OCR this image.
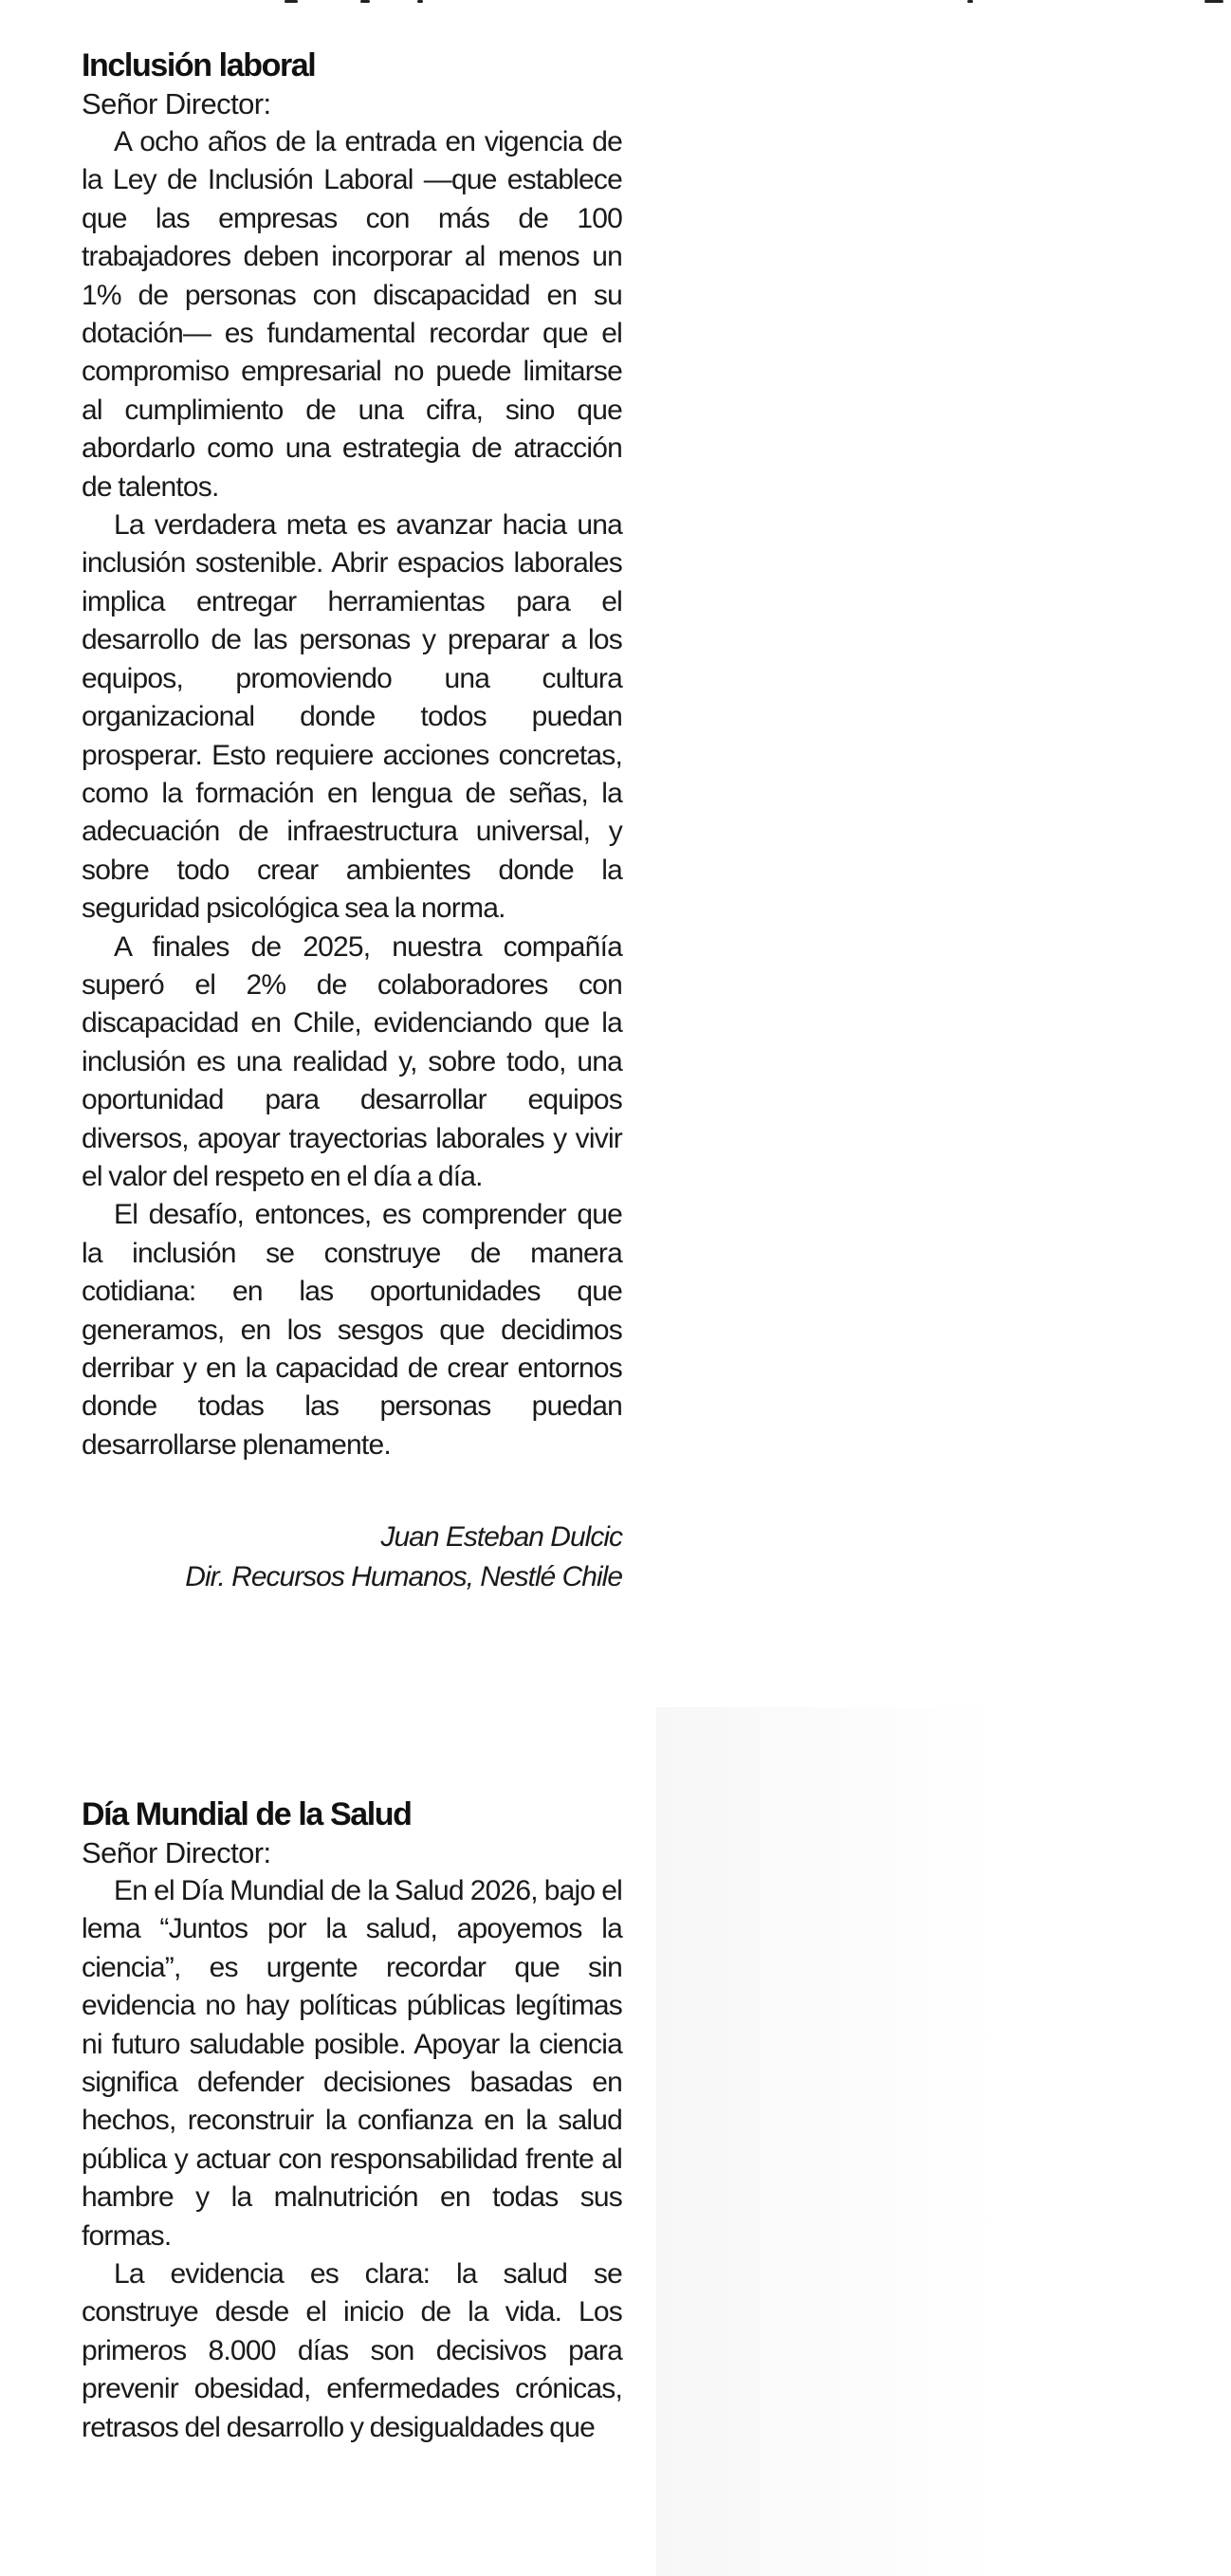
Inclusión laboral

Señor Director:

A ocho años de la entrada en vigencia de la Ley de Inclusión Laboral —que establece que las empresas con más de 100 trabajadores deben incorporar al menos un 1% de personas con discapacidad en su dotación— es fundamental recordar que el compromiso empresarial no puede limitarse al cumplimiento de una cifra, sino que abordarlo como una estrategia de atracción de talentos.

La verdadera meta es avanzar hacia una inclusión sostenible. Abrir espacios laborales implica entregar herramientas para el desarrollo de las personas y preparar a los equipos, promoviendo una cultura organizacional donde todos puedan prosperar. Esto requiere acciones concretas, como la formación en lengua de señas, la adecuación de infraestructura universal, y sobre todo crear ambientes donde la seguridad psicológica sea la norma.

A finales de 2025, nuestra compañía superó el 2% de colaboradores con discapacidad en Chile, evidenciando que la inclusión es una realidad y, sobre todo, una oportunidad para desarrollar equipos diversos, apoyar trayectorias laborales y vivir el valor del respeto en el día a día.

El desafío, entonces, es comprender que la inclusión se construye de manera cotidiana: en las oportunidades que generamos, en los sesgos que decidimos derribar y en la capacidad de crear entornos donde todas las personas puedan desarrollarse plenamente.

Juan Esteban Dulcic
Dir. Recursos Humanos, Nestlé Chile
Día Mundial de la Salud

Señor Director:

En el Día Mundial de la Salud 2026, bajo el lema “Juntos por la salud, apoyemos la ciencia”, es urgente recordar que sin evidencia no hay políticas públicas legítimas ni futuro saludable posible. Apoyar la ciencia significa defender decisiones basadas en hechos, reconstruir la confianza en la salud pública y actuar con responsabilidad frente al hambre y la malnutrición en todas sus formas.

La evidencia es clara: la salud se construye desde el inicio de la vida. Los primeros 8.000 días son decisivos para prevenir obesidad, enfermedades crónicas, retrasos del desarrollo y desigualdades que
